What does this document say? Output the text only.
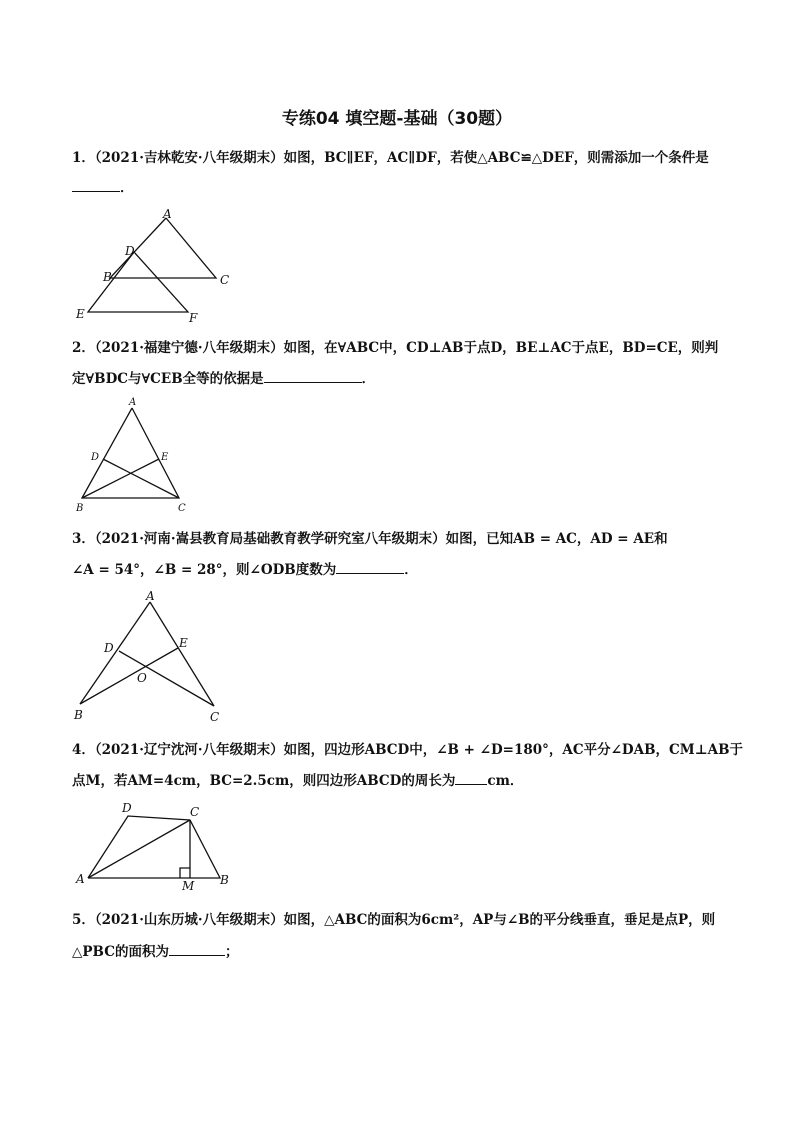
专练04 填空题-基础（30题）
1．（2021·吉林乾安·八年级期末）如图，BC∥EF，AC∥DF，若使△ABC≌△DEF，则需添加一个条件是
．
A
B	C
D
E	F
2．（2021·福建宁德·八年级期末）如图，在∀ABC中，CD⊥AB于点D，BE⊥AC于点E，BD=CE，则判
定∀BDC与∀CEB全等的依据是	．
A
B	C
D	E
3．（2021·河南·嵩县教育局基础教育教学研究室八年级期末）如图，已知AB = AC，AD = AE和
∠A = 54°，∠B = 28°，则∠ODB度数为	．
A
B	C
D	E
O
4．（2021·辽宁沈河·八年级期末）如图，四边形ABCD中，∠B + ∠D=180°，AC平分∠DAB，CM⊥AB于
点M，若AM=4cm，BC=2.5cm，则四边形ABCD的周长为 cm．
A	B
C
D
M
5．（2021·山东历城·八年级期末）如图，△ABC的面积为6cm²，AP与∠B的平分线垂直，垂足是点P，则
△PBC的面积为	；
